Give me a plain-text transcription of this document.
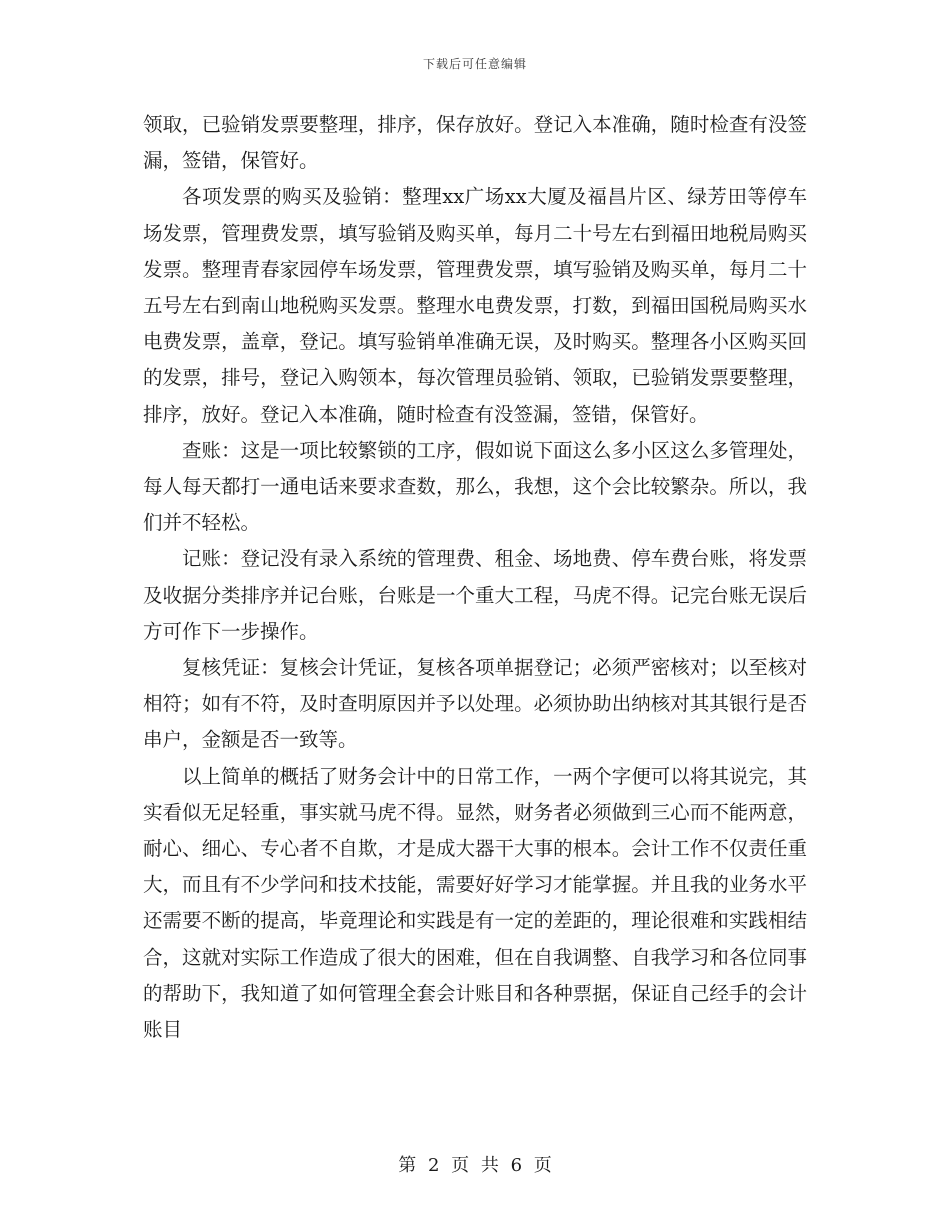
下载后可任意编辑

领取，已验销发票要整理，排序，保存放好。登记入本准确，随时检查有没签漏，签错，保管好。

各项发票的购买及验销：整理xx广场xx大厦及福昌片区、绿芳田等停车场发票，管理费发票，填写验销及购买单，每月二十号左右到福田地税局购买发票。整理青春家园停车场发票，管理费发票，填写验销及购买单，每月二十五号左右到南山地税购买发票。整理水电费发票，打数，到福田国税局购买水电费发票，盖章，登记。填写验销单准确无误，及时购买。整理各小区购买回的发票，排号，登记入购领本，每次管理员验销、领取，已验销发票要整理，排序，放好。登记入本准确，随时检查有没签漏，签错，保管好。

查账：这是一项比较繁锁的工序，假如说下面这么多小区这么多管理处，每人每天都打一通电话来要求查数，那么，我想，这个会比较繁杂。所以，我们并不轻松。

记账：登记没有录入系统的管理费、租金、场地费、停车费台账，将发票及收据分类排序并记台账，台账是一个重大工程，马虎不得。记完台账无误后方可作下一步操作。

复核凭证：复核会计凭证，复核各项单据登记；必须严密核对；以至核对相符；如有不符，及时查明原因并予以处理。必须协助出纳核对其其银行是否串户，金额是否一致等。

以上简单的概括了财务会计中的日常工作，一两个字便可以将其说完，其实看似无足轻重，事实就马虎不得。显然，财务者必须做到三心而不能两意，耐心、细心、专心者不自欺，才是成大器干大事的根本。会计工作不仅责任重大，而且有不少学问和技术技能，需要好好学习才能掌握。并且我的业务水平还需要不断的提高，毕竟理论和实践是有一定的差距的，理论很难和实践相结合，这就对实际工作造成了很大的困难，但在自我调整、自我学习和各位同事的帮助下，我知道了如何管理全套会计账目和各种票据，保证自己经手的会计账目

第 2 页 共 6 页
